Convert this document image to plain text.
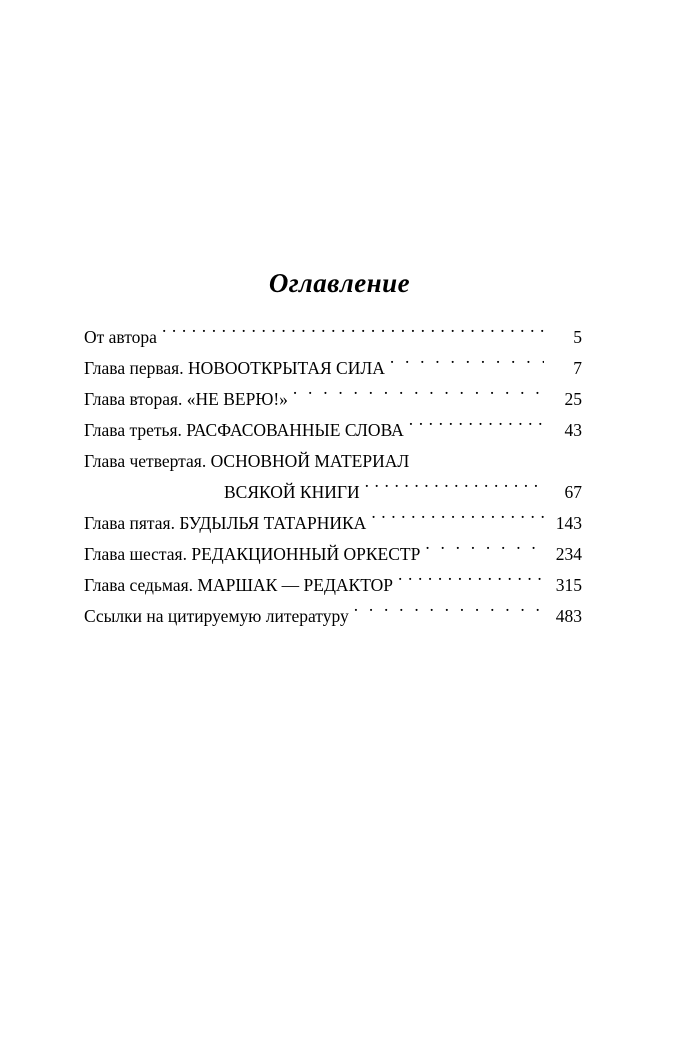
Оглавление
От автора . . .	5
Глава первая. НОВООТКРЫТАЯ СИЛА . . .	7
Глава вторая. «НЕ ВЕРЮ!» . . .	25
Глава третья. РАСФАСОВАННЫЕ СЛОВА . . .	43
Глава четвертая. ОСНОВНОЙ МАТЕРИАЛ
ВСЯКОЙ КНИГИ . . .	67
Глава пятая. БУДЫЛЬЯ ТАТАРНИКА . . .	143
Глава шестая. РЕДАКЦИОННЫЙ ОРКЕСТР . . .	234
Глава седьмая. МАРШАК — РЕДАКТОР . . .	315
Ссылки на цитируемую литературу . . .	483
